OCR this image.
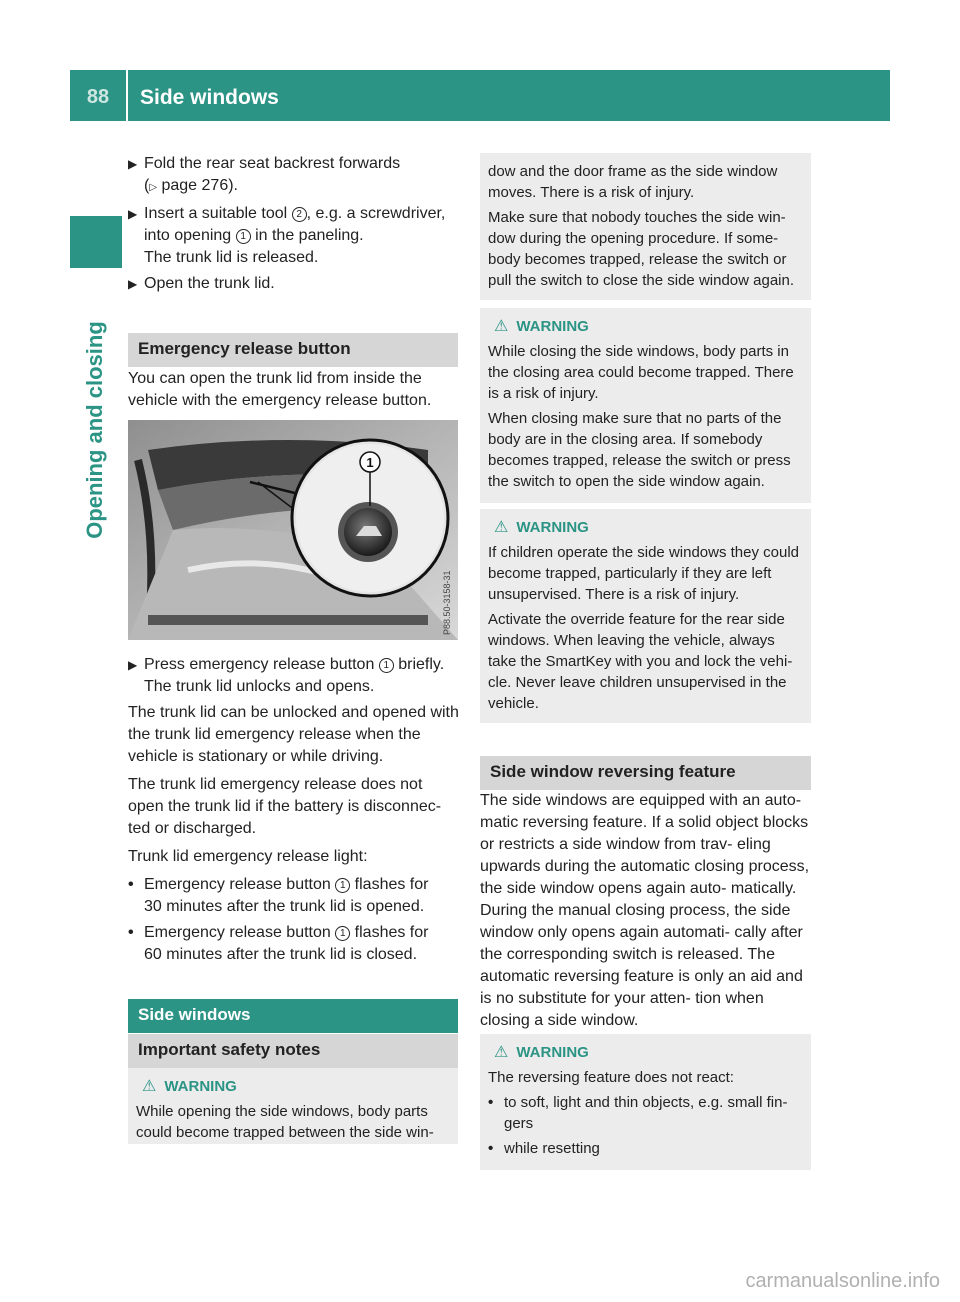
88	Side windows
Opening and closing
▶ Fold the rear seat backrest forwards
(▷ page 276).
▶ Insert a suitable tool 2 , e.g. a screwdriver,
into opening 1 in the paneling.
The trunk lid is released.
▶ Open the trunk lid.
Emergency release button
You can open the trunk lid from inside the vehicle with the emergency release button.
1
P88.50-3158-31
▶ Press emergency release button 1 briefly.
The trunk lid unlocks and opens.

The trunk lid can be unlocked and opened with the trunk lid emergency release when the vehicle is stationary or while driving.

The trunk lid emergency release does not open the trunk lid if the battery is disconnec- ted or discharged.

Trunk lid emergency release light:

• Emergency release button 1 flashes for
30 minutes after the trunk lid is opened.
• Emergency release button 1 flashes for
60 minutes after the trunk lid is closed.
Side windows
Important safety notes
⚠ WARNING

While opening the side windows, body parts could become trapped between the side win-

dow and the door frame as the side window moves. There is a risk of injury.

Make sure that nobody touches the side win- dow during the opening procedure. If some- body becomes trapped, release the switch or pull the switch to close the side window again.

⚠ WARNING

While closing the side windows, body parts in the closing area could become trapped. There is a risk of injury.

When closing make sure that no parts of the body are in the closing area. If somebody becomes trapped, release the switch or press the switch to open the side window again.

⚠ WARNING

If children operate the side windows they could become trapped, particularly if they are left unsupervised. There is a risk of injury.

Activate the override feature for the rear side windows. When leaving the vehicle, always take the SmartKey with you and lock the vehi- cle. Never leave children unsupervised in the vehicle.

Side window reversing feature
The side windows are equipped with an auto- matic reversing feature. If a solid object blocks or restricts a side window from trav- eling upwards during the automatic closing process, the side window opens again auto- matically. During the manual closing process, the side window only opens again automati- cally after the corresponding switch is released. The automatic reversing feature is only an aid and is no substitute for your atten- tion when closing a side window.
⚠ WARNING

The reversing feature does not react:

• to soft, light and thin objects, e.g. small fin- gers
• while resetting
carmanualsonline.info
